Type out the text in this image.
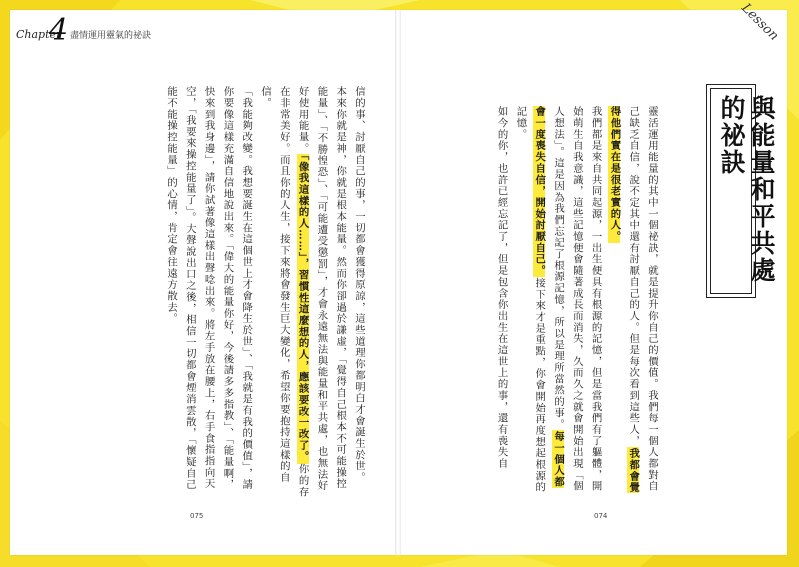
Chapter
4 盡情運用靈氣的祕訣	Lesson
與能量和平共處的祕訣

靈活運用能量的其中一個祕訣，就是提升你自己的價值。我們每一個人都對自己缺乏自信，說不定其中還有討厭自己的人。但是每次看到這些人，我都會覺得他們實在是很老實的人。

我們都是來自共同起源，一出生便具有根源的記憶，但是當我們有了軀體，開始萌生自我意識，這些記憶便會隨著成長而消失，久而久之就會開始出現「個人想法」。這是因為我們忘記了根源記憶，所以是理所當然的事。每一個人都會一度喪失自信，開始討厭自己。接下來才是重點，你會開始再度想起根源的記憶。

如今的你，也許已經忘記了，但是包含你出生在這世上的事，還有喪失自

信的事、討厭自己的事，一切都會獲得原諒，這些道理你都明白才會誕生於世。

本來你就是神，你就是根本能量。然而你卻過於謙虛，「覺得自己根本不可能操控能量」、「不勝惶恐」、「可能遭受懲罰」，才會永遠無法與能量和平共處，也無法好好使用能量。「像我這樣的人……」，習慣性這麼想的人，應該要改一改了。你的存在非常美好。而且你的人生，接下來將會發生巨大變化，希望你要抱持這樣的自信。

「我能夠改變。我想要誕生在這個世上才會降生於世」、「我就是有我的價值」，請你要像這樣充滿自信地說出來。「偉大的能量你好，今後請多多指教」、「能量啊，快來到我身邊」，請你試著像這樣出聲唸出來。將左手放在腰上，右手食指指向天空，「我要來操控能量了」。大聲說出口之後，相信一切都會煙消雲散，「懷疑自己能不能操控能量」的心情，肯定會往遠方散去。

075	074
